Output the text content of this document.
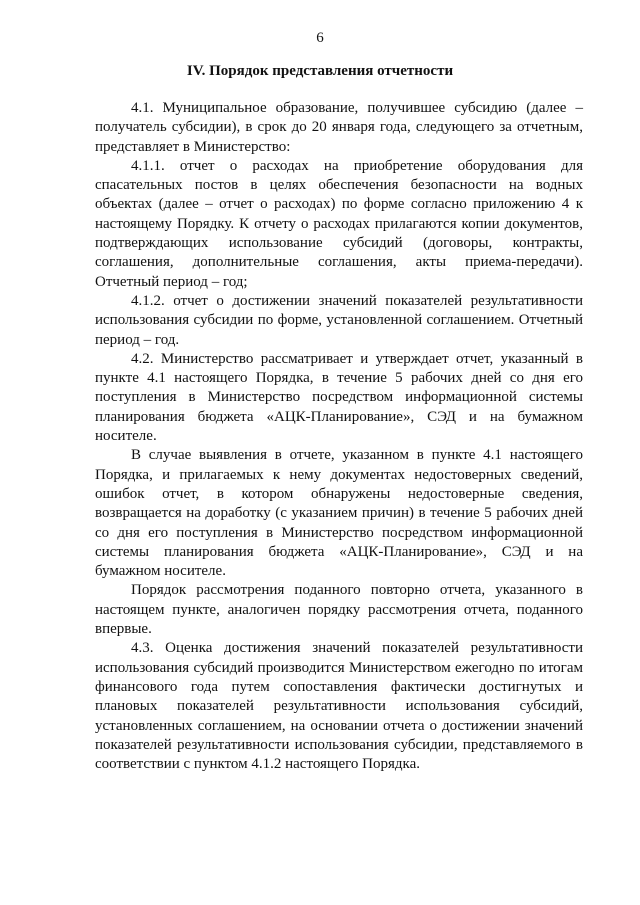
6
IV. Порядок представления отчетности

4.1. Муниципальное образование, получившее субсидию (далее – получатель субсидии), в срок до 20 января года, следующего за отчетным, представляет в Министерство:

4.1.1. отчет о расходах на приобретение оборудования для спасательных постов в целях обеспечения безопасности на водных объектах (далее – отчет о расходах) по форме согласно приложению 4 к настоящему Порядку. К отчету о расходах прилагаются копии документов, подтверждающих использование субсидий (договоры, контракты, соглашения, дополнительные соглашения, акты приема-передачи). Отчетный период – год;

4.1.2. отчет о достижении значений показателей результативности использования субсидии по форме, установленной соглашением. Отчетный период – год.

4.2. Министерство рассматривает и утверждает отчет, указанный в пункте 4.1 настоящего Порядка, в течение 5 рабочих дней со дня его поступления в Министерство посредством информационной системы планирования бюджета «АЦК-Планирование», СЭД и на бумажном носителе.

В случае выявления в отчете, указанном в пункте 4.1 настоящего Порядка, и прилагаемых к нему документах недостоверных сведений, ошибок отчет, в котором обнаружены недостоверные сведения, возвращается на доработку (с указанием причин) в течение 5 рабочих дней со дня его поступления в Министерство посредством информационной системы планирования бюджета «АЦК-Планирование», СЭД и на бумажном носителе.

Порядок рассмотрения поданного повторно отчета, указанного в настоящем пункте, аналогичен порядку рассмотрения отчета, поданного впервые.

4.3. Оценка достижения значений показателей результативности использования субсидий производится Министерством ежегодно по итогам финансового года путем сопоставления фактически достигнутых и плановых показателей результативности использования субсидий, установленных соглашением, на основании отчета о достижении значений показателей результативности использования субсидии, представляемого в соответствии с пунктом 4.1.2 настоящего Порядка.
